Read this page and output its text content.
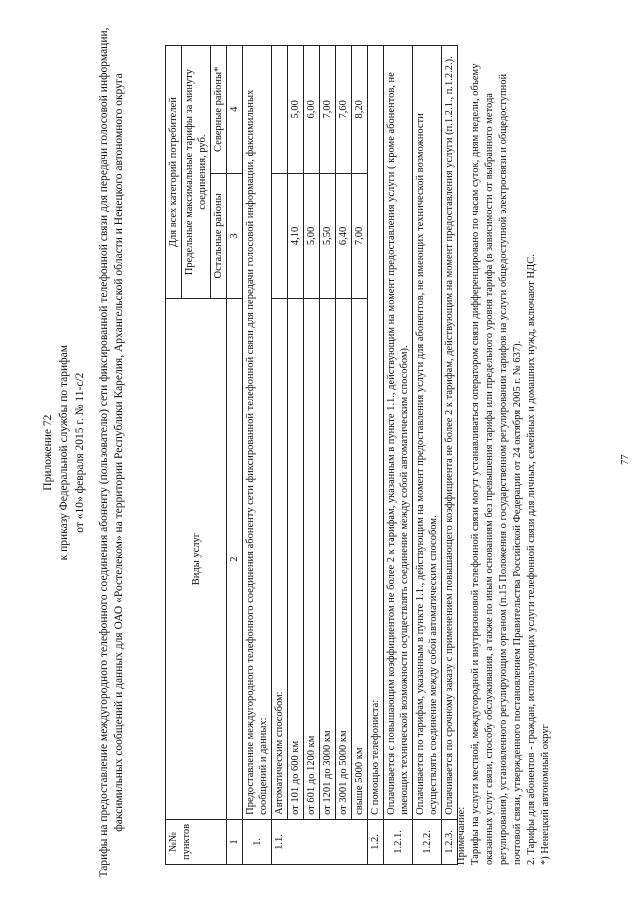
Приложение 72 к приказу Федеральной службы по тарифам от «10» февраля 2015 г. № 11-с/2 Тарифы на предоставление междугородного телефонного соединения абоненту (пользователю) сети фиксированной телефонной связи для передачи голосовой информации, факсимильных сообщений и данных для ОАО «Ростелеком» на территории Республики Карелия, Архангельской области и Ненецкого автономного округа
№№ пунктов	Виды услуг	Для всех категорий потребителей	
		Предельные максимальные тарифы за минуту соединения, руб.	
		Остальные районы	Северные районы*
1	2	3	4
1.	Предоставление междугородного телефонного соединения абоненту сети фиксированной телефонной связи для передачи голосовой информации, факсимильных сообщений и данных:		
1.1.	Автоматическим способом:		
	от 101 до 600 км	4,10	5,00
	от 601 до 1200 км	5,00	6,00
	от 1201 до 3000 км	5,50	7,00
	от 3001 до 5000 км	6,40	7,60
	свыше 5000 км	7,00	8,20
1.2.	С помощью телефониста:		
1.2.1.	Оплачивается с повышающим коэффициентом не более 2 к тарифам, указанным в пункте 1.1., действующим на момент предоставления услуги ( кроме абонентов, не имеющих технической возможности осуществлять соединение между собой автоматическим способом).		
1.2.2.	Оплачивается по тарифам, указанным в пункте 1.1., действующим на момент предоставления услуги для абонентов, не имеющих технической возможности осуществлять соединение между собой автоматическим способом.		
1.2.3.	Оплачивается по срочному заказу с применением повышающего коэффициента не более 2 к тарифам, действующим на момент предоставления услуги (п.1.2.1., п.1.2.2.).		
Примечание: Тарифы на услуги местной, междугородной и внутризоновой телефонной связи могут устанавливаться оператором связи дифференцировано по часам суток, дням недели, объему оказанных услуг связи, способу обслуживания, а также по иным основаниям без превышения тарифа или предельного уровня тарифа (в зависимости от выбранного метода регулирования), установленного регулирующим органом (п.15 Положения о государственном регулировании тарифов на услуги общедоступной электросвязи и общедоступной почтовой связи, утвержденного постановлением Правительства Российской Федерации от 24 октября 2005 г. № 637). 2. Тарифы для абонентов - граждан, использующих услуги телефонной связи для личных, семейных и домашних нужд, включают НДС. *) Ненецкий автономный округ
77
